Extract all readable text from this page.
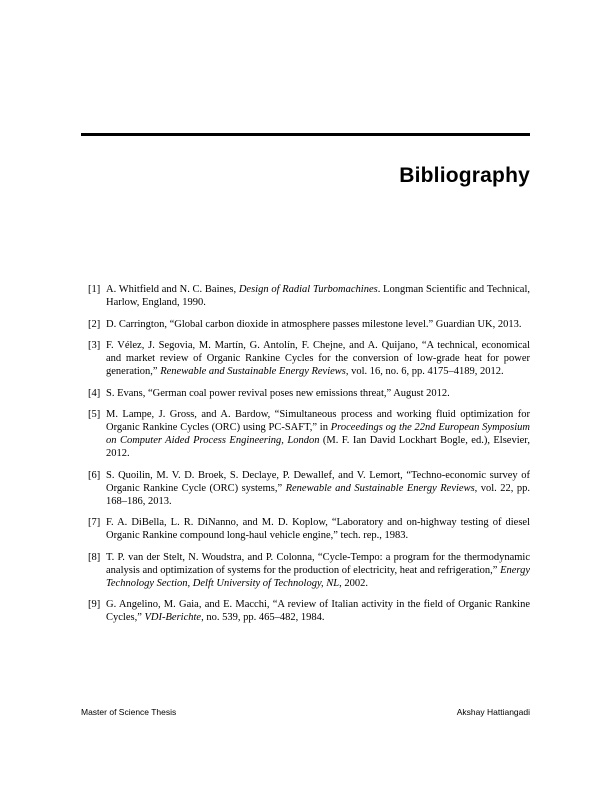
Bibliography
[1] A. Whitfield and N. C. Baines, Design of Radial Turbomachines. Longman Scientific and Technical, Harlow, England, 1990.
[2] D. Carrington, “Global carbon dioxide in atmosphere passes milestone level.” Guardian UK, 2013.
[3] F. Vélez, J. Segovia, M. Martín, G. Antolín, F. Chejne, and A. Quijano, “A technical, economical and market review of Organic Rankine Cycles for the conversion of low-grade heat for power generation,” Renewable and Sustainable Energy Reviews, vol. 16, no. 6, pp. 4175–4189, 2012.
[4] S. Evans, “German coal power revival poses new emissions threat,” August 2012.
[5] M. Lampe, J. Gross, and A. Bardow, “Simultaneous process and working fluid optimization for Organic Rankine Cycles (ORC) using PC-SAFT,” in Proceedings og the 22nd European Symposium on Computer Aided Process Engineering, London (M. F. Ian David Lockhart Bogle, ed.), Elsevier, 2012.
[6] S. Quoilin, M. V. D. Broek, S. Declaye, P. Dewallef, and V. Lemort, “Techno-economic survey of Organic Rankine Cycle (ORC) systems,” Renewable and Sustainable Energy Reviews, vol. 22, pp. 168–186, 2013.
[7] F. A. DiBella, L. R. DiNanno, and M. D. Koplow, “Laboratory and on-highway testing of diesel Organic Rankine compound long-haul vehicle engine,” tech. rep., 1983.
[8] T. P. van der Stelt, N. Woudstra, and P. Colonna, “Cycle-Tempo: a program for the thermodynamic analysis and optimization of systems for the production of electricity, heat and refrigeration,” Energy Technology Section, Delft University of Technology, NL, 2002.
[9] G. Angelino, M. Gaia, and E. Macchi, “A review of Italian activity in the field of Organic Rankine Cycles,” VDI-Berichte, no. 539, pp. 465–482, 1984.
Master of Science Thesis	Akshay Hattiangadi
